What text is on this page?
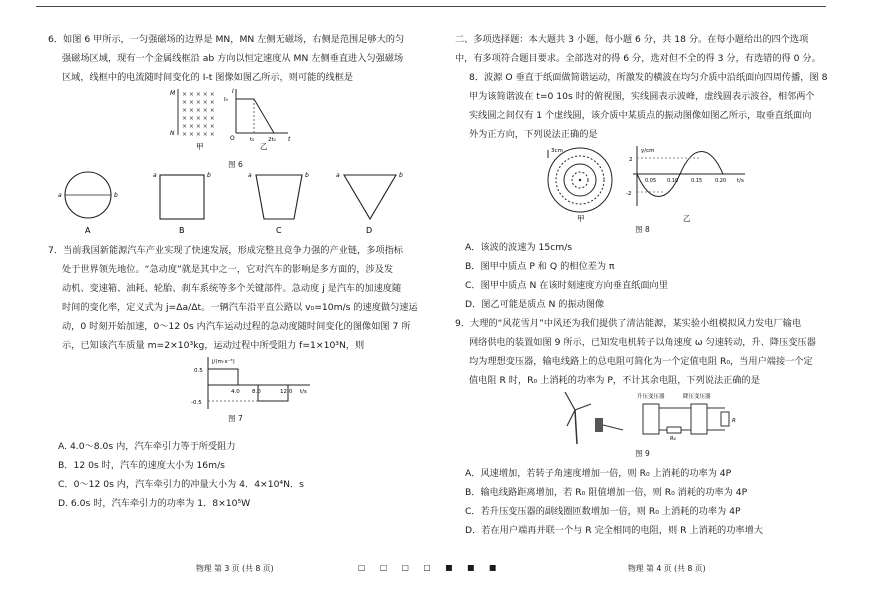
6．如图 6 甲所示，一匀强磁场的边界是 MN，MN 左侧无磁场，右侧是范围足够大的匀
强磁场区域，现有一个金属线框沿 ab 方向以恒定速度从 MN 左侧垂直进入匀强磁场
区域，线框中的电流随时间变化的 I-t 图像如图乙所示，则可能的线框是
M
N
× × × × ×
× × × × ×
× × × × ×
× × × × ×
× × × × ×
× × × × ×
甲
I
t
O
I₀
t₀ 2t₀
乙
图 6
a	b
A
a	b
B
a	b
C
a	b
D
7．当前我国新能源汽车产业实现了快速发展，形成完整且竞争力强的产业链，多项指标
处于世界领先地位。“急动度”就是其中之一，它对汽车的影响是多方面的，涉及发
动机、变速箱、油耗、轮胎、刹车系统等多个关键部件。急动度 j 是汽车的加速度随
时间的变化率，定义式为 j=Δa/Δt。一辆汽车沿平直公路以 v₀=10m/s 的速度做匀速运
动，0 时刻开始加速，0～12 0s 内汽车运动过程的急动度随时间变化的图像如图 7 所
示，已知该汽车质量 m=2×10³kg，运动过程中所受阻力 f=1×10³N，则
j/(m·s⁻³)
t/s
0.5
-0.5
4.0 8.0	12.0
图 7
A. 4.0～8.0s 内，汽车牵引力等于所受阻力
B．12 0s 时，汽车的速度大小为 16m/s
C．0～12 0s 内，汽车牵引力的冲量大小为 4．4×10⁴N．s
D. 6.0s 时，汽车牵引力的功率为 1．8×10⁵W
二、多项选择题：本大题共 3 小题，每小题 6 分，共 18 分。在每小题给出的四个选项
中，有多项符合题目要求。全部选对的得 6 分，选对但不全的得 3 分，有选错的得 0 分。
8．波源 O 垂直于纸面做简谐运动，所激发的横波在均匀介质中沿纸面向四周传播，图 8
甲为该简谐波在 t=0 10s 时的俯视图，实线圆表示波峰，虚线圆表示波谷，相邻两个
实线圆之间仅有 1 个虚线圆，该介质中某质点的振动图像如图乙所示，取垂直纸面向
外为正方向，下列说法正确的是
3cm
甲
y/cm
t/s
2
-2
0.05 0.10	0.15	0.20
乙
图 8
A．该波的波速为 15cm/s
B．图甲中质点 P 和 Q 的相位差为 π
C．图甲中质点 N 在该时刻速度方向垂直纸面向里
D．图乙可能是质点 N 的振动图像
9．大理的“风花雪月”中风还为我们提供了清洁能源，某实验小组模拟风力发电厂输电
网络供电的装置如图 9 所示，已知发电机转子以角速度 ω 匀速转动，升、降压变压器
均为理想变压器，输电线路上的总电阻可简化为一个定值电阻 R₀，当用户端接一个定
值电阻 R 时，R₀ 上消耗的功率为 P，不计其余电阻，下列说法正确的是
升压变压器	降压变压器
R₀
R
图 9
A．风速增加，若转子角速度增加一倍，则 R₀ 上消耗的功率为 4P
B．输电线路距离增加，若 R₀ 阻值增加一倍，则 R₀ 消耗的功率为 4P
C．若升压变压器的副线圈匝数增加一倍，则 R₀ 上消耗的功率为 4P
D．若在用户端再并联一个与 R 完全相同的电阻，则 R 上消耗的功率增大
物理 第 3 页 (共 8 页)	□ □ □ □ ■ ■ ■	物理 第 4 页 (共 8 页)
